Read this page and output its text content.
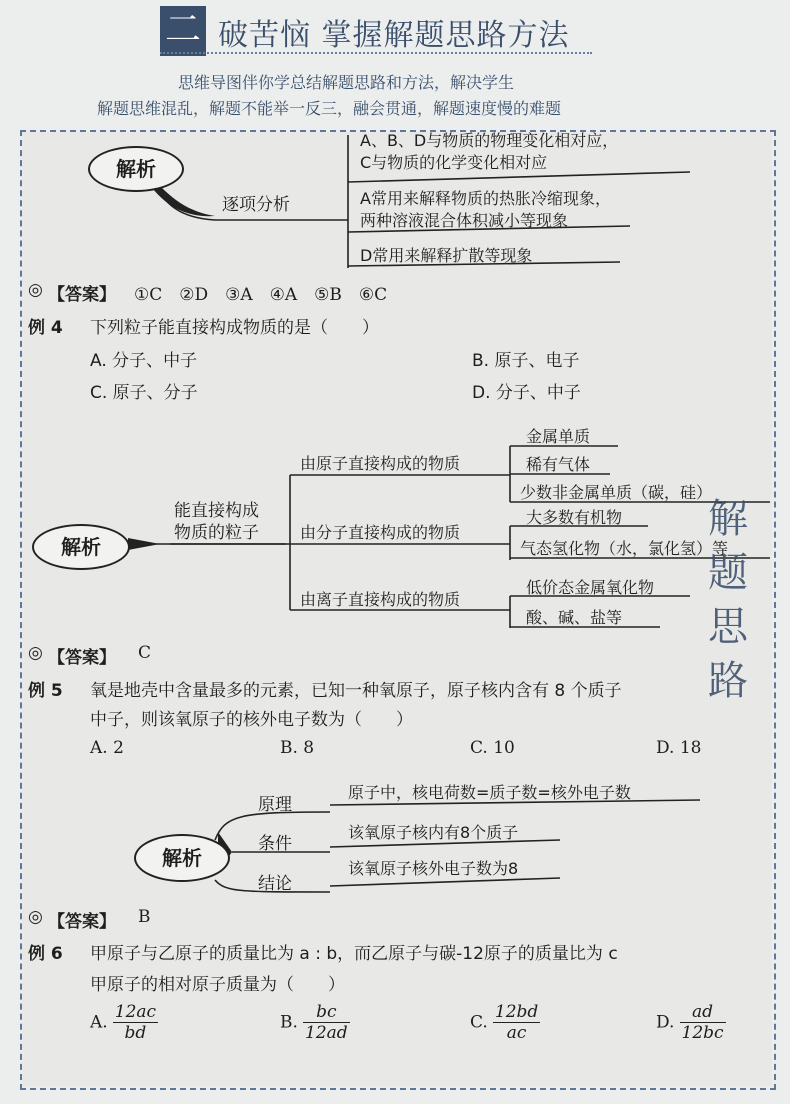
二 破苦恼 掌握解题思路方法
思维导图伴你学总结解题思路和方法，解决学生
解题思维混乱，解题不能举一反三，融会贯通，解题速度慢的难题
解析
逐项分析
A、B、D与物质的物理变化相对应，
C与物质的化学变化相对应
A常用来解释物质的热胀冷缩现象，
两种溶液混合体积减小等现象
D常用来解释扩散等现象
◎ 【答案】 ①C　②D　③A　④A　⑤B　⑥C
例 4 下列粒子能直接构成物质的是（　　）
A. 分子、中子	B. 原子、电子
C. 原子、分子	D. 分子、中子
解析
能直接构成
物质的粒子
由原子直接构成的物质
由分子直接构成的物质
由离子直接构成的物质
金属单质
稀有气体
少数非金属单质（碳，硅）
大多数有机物
气态氢化物（水，氯化氢）等
低价态金属氧化物
酸、碱、盐等
◎ 【答案】 C
例 5 氧是地壳中含量最多的元素，已知一种氧原子，原子核内含有 8 个质子
中子，则该氧原子的核外电子数为（　　）
A. 2	B. 8	C. 10	D. 18
解析
原理
条件
结论
原子中，核电荷数=质子数=核外电子数
该氧原子核内有8个质子
该氧原子核外电子数为8
◎ 【答案】 B
例 6 甲原子与乙原子的质量比为 a : b，而乙原子与碳-12原子的质量比为 c
甲原子的相对原子质量为（　　）
A. $\frac{12ac}{bd}$	B. $\frac{bc}{12ad}$	C. $\frac{12bd}{ac}$	D. $\frac{ad}{12bc}$
解
题
思
路
